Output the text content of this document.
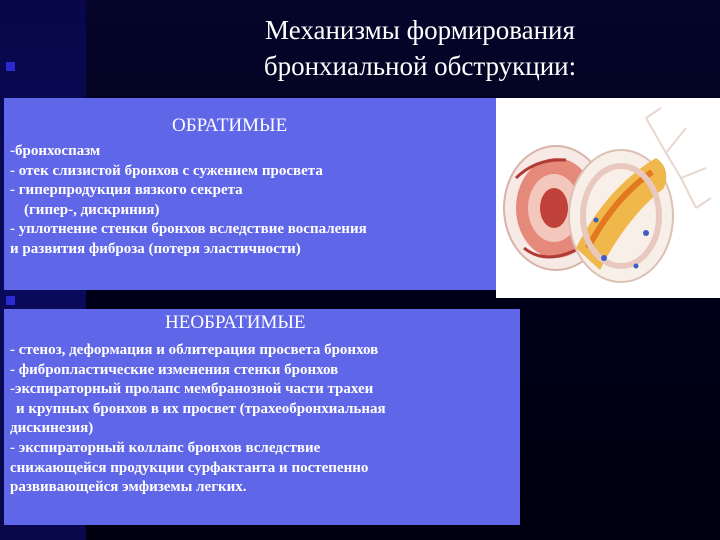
Механизмы формирования
бронхиальной обструкции:
ОБРАТИМЫЕ
-бронхоспазм
- отек слизистой бронхов с сужением просвета
- гиперпродукция вязкого секрета
(гипер-, дискриния)
- уплотнение стенки бронхов вследствие воспаления
и развития фиброза (потеря эластичности)
НЕОБРАТИМЫЕ
- стеноз, деформация и облитерация просвета бронхов
- фибропластические изменения стенки бронхов
-экспираторный пролапс мембранозной части трахеи
и крупных бронхов в их просвет (трахеобронхиальная
дискинезия)
- экспираторный коллапс бронхов вследствие
снижающейся продукции сурфактанта и постепенно
развивающейся эмфиземы легких.
